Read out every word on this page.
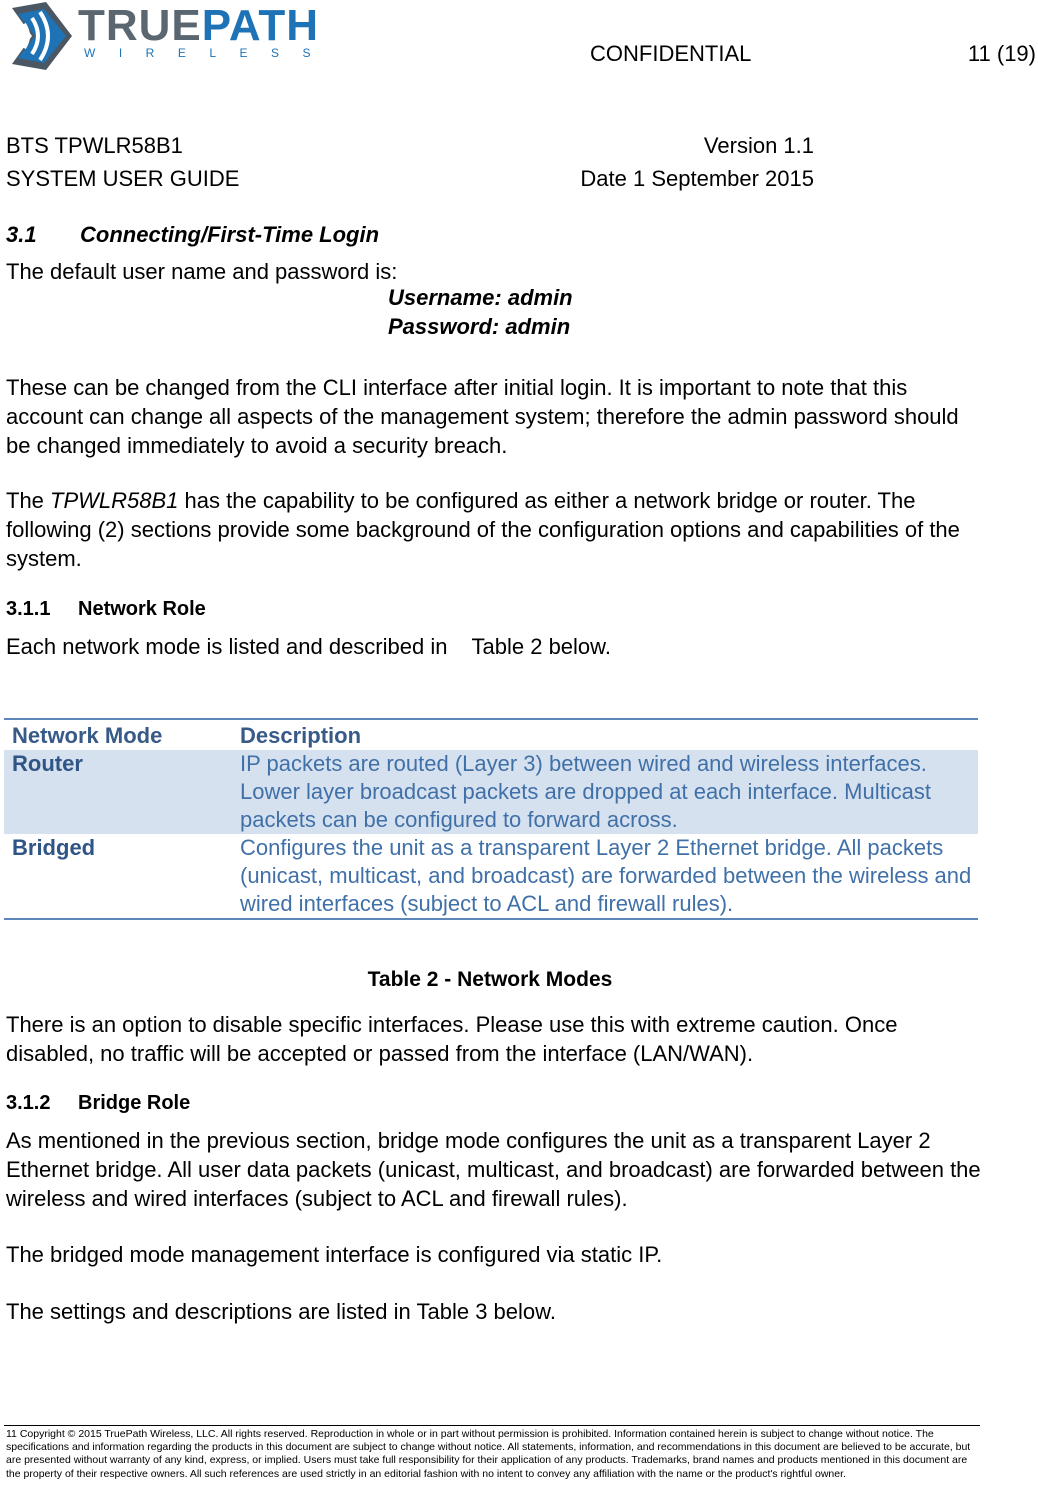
TRUEPATH
WIRELESS	CONFIDENTIAL	11 (19)
BTS TPWLR58B1	Version 1.1
SYSTEM USER GUIDE	Date 1 September 2015
3.1 Connecting/First-Time Login
The default user name and password is:
Username: admin
Password: admin
These can be changed from the CLI interface after initial login. It is important to note that this account can change all aspects of the management system; therefore the admin password should be changed immediately to avoid a security breach.
The TPWLR58B1 has the capability to be configured as either a network bridge or router. The following (2) sections provide some background of the configuration options and capabilities of the system.
3.1.1 Network Role
Each network mode is listed and described in    Table 2 below.
Network Mode	Description
Router	IP packets are routed (Layer 3) between wired and wireless interfaces. Lower layer broadcast packets are dropped at each interface. Multicast packets can be configured to forward across.
Bridged	Configures the unit as a transparent Layer 2 Ethernet bridge. All packets (unicast, multicast, and broadcast) are forwarded between the wireless and wired interfaces (subject to ACL and firewall rules).
Table 2 - Network Modes
There is an option to disable specific interfaces. Please use this with extreme caution. Once disabled, no traffic will be accepted or passed from the interface (LAN/WAN).
3.1.2 Bridge Role
As mentioned in the previous section, bridge mode configures the unit as a transparent Layer 2 Ethernet bridge. All user data packets (unicast, multicast, and broadcast) are forwarded between the wireless and wired interfaces (subject to ACL and firewall rules).
The bridged mode management interface is configured via static IP.
The settings and descriptions are listed in Table 3 below.
11 Copyright © 2015 TruePath Wireless, LLC. All rights reserved. Reproduction in whole or in part without permission is prohibited. Information contained herein is subject to change without notice. The specifications and information regarding the products in this document are subject to change without notice. All statements, information, and recommendations in this document are believed to be accurate, but are presented without warranty of any kind, express, or implied. Users must take full responsibility for their application of any products. Trademarks, brand names and products mentioned in this document are the property of their respective owners. All such references are used strictly in an editorial fashion with no intent to convey any affiliation with the name or the product's rightful owner.
